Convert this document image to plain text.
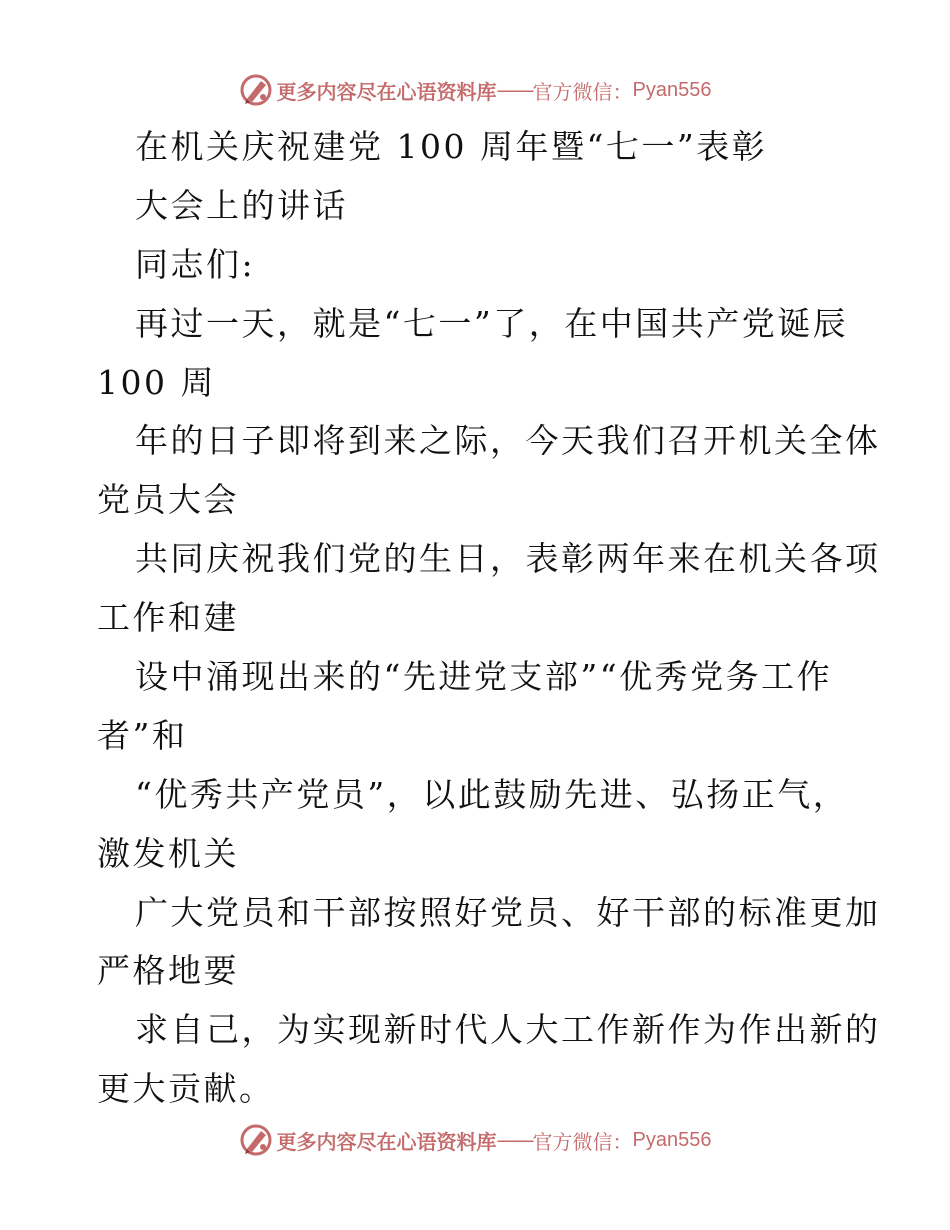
更多内容尽在心语资料库 —— 官方微信： Pyan556
在机关庆祝建党 100 周年暨“七一”表彰
大会上的讲话
同志们:
再过一天，就是“七一”了，在中国共产党诞辰
100 周
年的日子即将到来之际，今天我们召开机关全体
党员大会
共同庆祝我们党的生日，表彰两年来在机关各项
工作和建
设中涌现出来的“先进党支部”“优秀党务工作
者”和
“优秀共产党员”，以此鼓励先进、弘扬正气，
激发机关
广大党员和干部按照好党员、好干部的标准更加
严格地要
求自己，为实现新时代人大工作新作为作出新的
更大贡献。
更多内容尽在心语资料库 —— 官方微信： Pyan556
